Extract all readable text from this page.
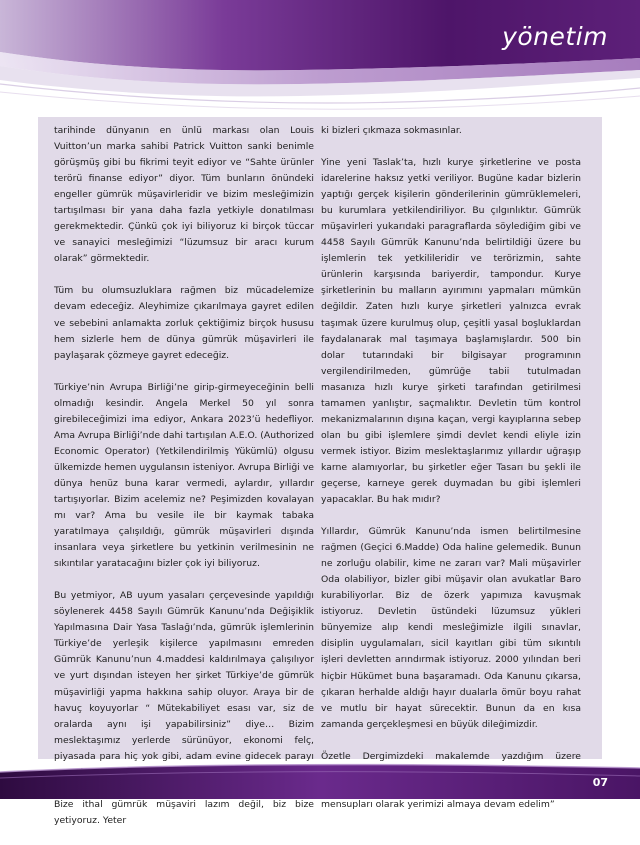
yönetim

tarihinde dünyanın en ünlü markası olan Louis Vuitton’un marka sahibi Patrick Vuitton sanki benimle görüşmüş gibi bu fikrimi teyit ediyor ve “Sahte ürünler terörü finanse ediyor” diyor. Tüm bunların önündeki engeller gümrük müşavirleridir ve bizim mesleğimizin tartışılması bir yana daha fazla yetkiyle donatılması gerekmektedir. Çünkü çok iyi biliyoruz ki birçok tüccar ve sanayici mesleğimizi “lüzumsuz bir aracı kurum olarak” görmektedir.

Tüm bu olumsuzluklara rağmen biz mücadelemize devam edeceğiz. Aleyhimize çıkarılmaya gayret edilen ve sebebini anlamakta zorluk çektiğimiz birçok hususu hem sizlerle hem de dünya gümrük müşavirleri ile paylaşarak çözmeye gayret edeceğiz.

Türkiye’nin Avrupa Birliği’ne girip-girmeyeceğinin belli olmadığı kesindir. Angela Merkel 50 yıl sonra girebileceğimizi ima ediyor, Ankara 2023’ü hedefliyor. Ama Avrupa Birliği’nde dahi tartışılan A.E.O. (Authorized Economic Operator) (Yetkilendirilmiş Yükümlü) olgusu ülkemizde hemen uygulansın isteniyor. Avrupa Birliği ve dünya henüz buna karar vermedi, aylardır, yıllardır tartışıyorlar. Bizim acelemiz ne? Peşimizden kovalayan mı var? Ama bu vesile ile bir kaymak tabaka yaratılmaya çalışıldığı, gümrük müşavirleri dışında insanlara veya şirketlere bu yetkinin verilmesinin ne sıkıntılar yaratacağını bizler çok iyi biliyoruz.

Bu yetmiyor, AB uyum yasaları çerçevesinde yapıldığı söylenerek 4458 Sayılı Gümrük Kanunu’nda Değişiklik Yapılmasına Dair Yasa Taslağı’nda, gümrük işlemlerinin Türkiye’de yerleşik kişilerce yapılmasını emreden Gümrük Kanunu’nun 4.maddesi kaldırılmaya çalışılıyor ve yurt dışından isteyen her şirket Türkiye’de gümrük müşavirliği yapma hakkına sahip oluyor. Araya bir de havuç koyuyorlar “ Mütekabiliyet esası var, siz de oralarda aynı işi yapabilirsiniz” diye… Bizim meslektaşımız yerlerde sürünüyor, ekonomi felç, piyasada para hiç yok gibi, adam evine gidecek parayı Bize ithal gümrük müşaviri lazım değil, biz bize yetiyoruz. Yeter

ki bizleri çıkmaza sokmasınlar.

Yine yeni Taslak’ta, hızlı kurye şirketlerine ve posta idarelerine haksız yetki veriliyor. Bugüne kadar bizlerin yaptığı gerçek kişilerin gönderilerinin gümrüklemeleri, bu kurumlara yetkilendiriliyor. Bu çılgınlıktır. Gümrük müşavirleri yukarıdaki paragraflarda söylediğim gibi ve 4458 Sayılı Gümrük Kanunu’nda belirtildiği üzere bu işlemlerin tek yetkilileridir ve terörizmin, sahte ürünlerin karşısında bariyerdir, tampondur. Kurye şirketlerinin bu malların ayırımını yapmaları mümkün değildir. Zaten hızlı kurye şirketleri yalnızca evrak taşımak üzere kurulmuş olup, çeşitli yasal boşluklardan faydalanarak mal taşımaya başlamışlardır. 500 bin dolar tutarındaki bir bilgisayar programının vergilendirilmeden, gümrüğe tabii tutulmadan masanıza hızlı kurye şirketi tarafından getirilmesi tamamen yanlıştır, saçmalıktır. Devletin tüm kontrol mekanizmalarının dışına kaçan, vergi kayıplarına sebep olan bu gibi işlemlere şimdi devlet kendi eliyle izin vermek istiyor. Bizim meslektaşlarımız yıllardır uğraşıp karne alamıyorlar, bu şirketler eğer Tasarı bu şekli ile geçerse, karneye gerek duymadan bu gibi işlemleri yapacaklar. Bu hak mıdır?

Yıllardır, Gümrük Kanunu’nda ismen belirtilmesine rağmen (Geçici 6.Madde) Oda haline gelemedik. Bunun ne zorluğu olabilir, kime ne zararı var? Mali müşavirler Oda olabiliyor, bizler gibi müşavir olan avukatlar Baro kurabiliyorlar. Biz de özerk yapımıza kavuşmak istiyoruz. Devletin üstündeki lüzumsuz yükleri bünyemize alıp kendi mesleğimizle ilgili sınavlar, disiplin uygulamaları, sicil kayıtları gibi tüm sıkıntılı işleri devletten arındırmak istiyoruz. 2000 yılından beri hiçbir Hükümet buna başaramadı. Oda Kanunu çıkarsa, çıkaran herhalde aldığı hayır dualarla ömür boyu rahat ve mutlu bir hayat sürecektir. Bunun da en kısa zamanda gerçekleşmesi en büyük dileğimizdir.

Özetle Dergimizdeki makalemde yazdığım üzere mensupları olarak yerimizi almaya devam edelim”

07
